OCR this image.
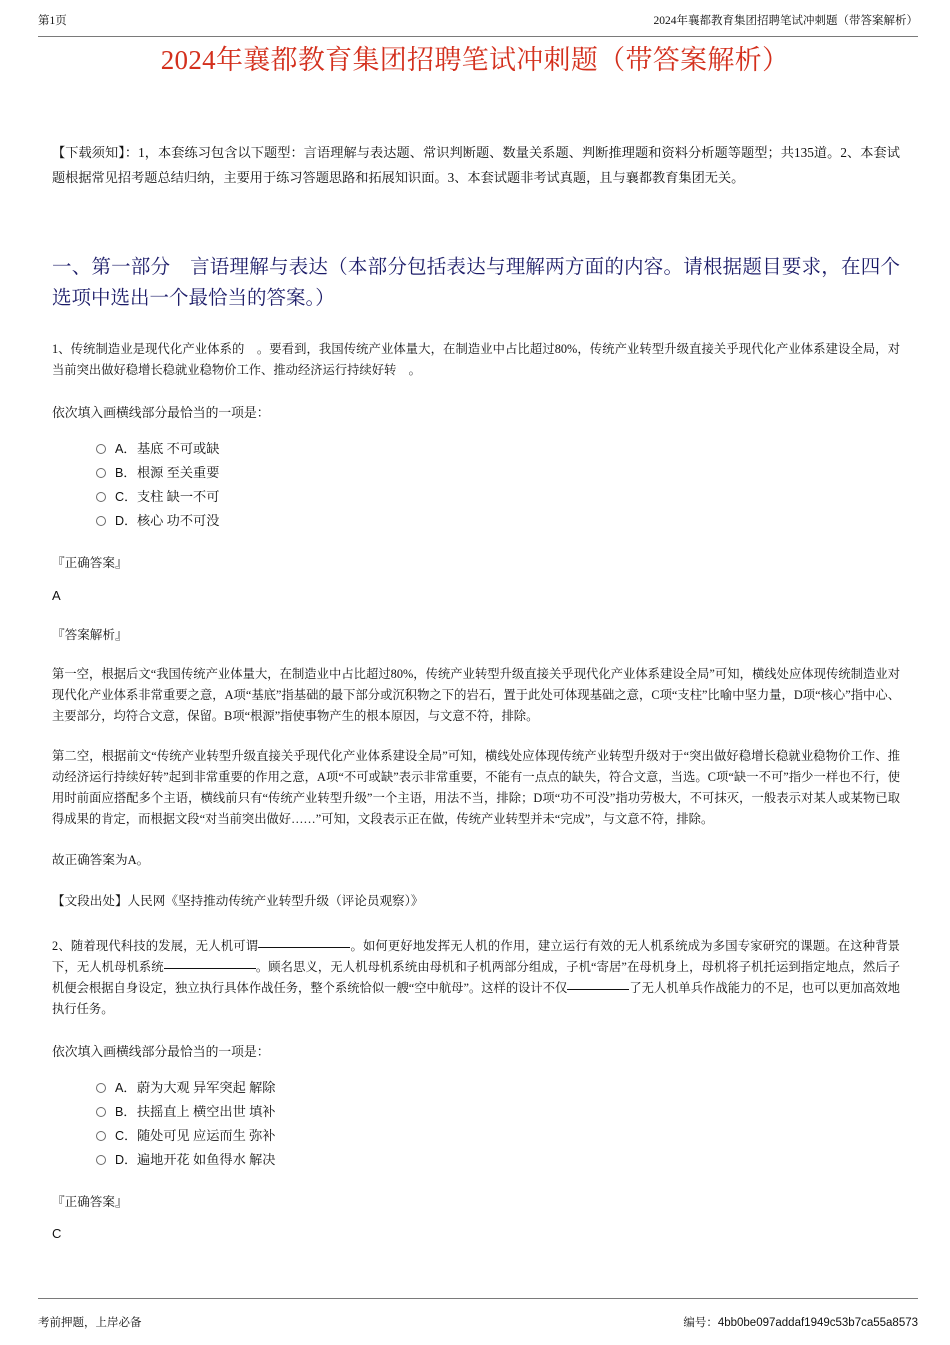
第1页	2024年襄都教育集团招聘笔试冲刺题（带答案解析）
2024年襄都教育集团招聘笔试冲刺题（带答案解析）

【下载须知】：1，本套练习包含以下题型：言语理解与表达题、常识判断题、数量关系题、判断推理题和资料分析题等题型；共135道。2、本套试题根据常见招考题总结归纳，主要用于练习答题思路和拓展知识面。3、本套试题非考试真题，且与襄都教育集团无关。

一、第一部分　言语理解与表达（本部分包括表达与理解两方面的内容。请根据题目要求，在四个选项中选出一个最恰当的答案。）

1、传统制造业是现代化产业体系的　。要看到，我国传统产业体量大，在制造业中占比超过80%，传统产业转型升级直接关乎现代化产业体系建设全局，对当前突出做好稳增长稳就业稳物价工作、推动经济运行持续好转　。

依次填入画横线部分最恰当的一项是：

A． 基底 不可或缺
B． 根源 至关重要
C． 支柱 缺一不可
D． 核心 功不可没

『正确答案』

A

『答案解析』

第一空，根据后文“我国传统产业体量大，在制造业中占比超过80%，传统产业转型升级直接关乎现代化产业体系建设全局”可知，横线处应体现传统制造业对现代化产业体系非常重要之意，A项“基底”指基础的最下部分或沉积物之下的岩石，置于此处可体现基础之意，C项“支柱”比喻中坚力量，D项“核心”指中心、主要部分，均符合文意，保留。B项“根源”指使事物产生的根本原因，与文意不符，排除。

第二空，根据前文“传统产业转型升级直接关乎现代化产业体系建设全局”可知，横线处应体现传统产业转型升级对于“突出做好稳增长稳就业稳物价工作、推动经济运行持续好转”起到非常重要的作用之意，A项“不可或缺”表示非常重要，不能有一点点的缺失，符合文意，当选。C项“缺一不可”指少一样也不行，使用时前面应搭配多个主语，横线前只有“传统产业转型升级”一个主语，用法不当，排除；D项“功不可没”指功劳极大，不可抹灭，一般表示对某人或某物已取得成果的肯定，而根据文段“对当前突出做好……”可知，文段表示正在做，传统产业转型并未“完成”，与文意不符，排除。

故正确答案为A。

【文段出处】人民网《坚持推动传统产业转型升级（评论员观察）》

2、随着现代科技的发展，无人机可谓	。如何更好地发挥无人机的作用，建立运行有效的无人机系统成为多国专家研究的课题。在这种背景下，无人机母机系统	。顾名思义，无人机母机系统由母机和子机两部分组成，子机“寄居”在母机身上，母机将子机托运到指定地点，然后子机便会根据自身设定，独立执行具体作战任务，整个系统恰似一艘“空中航母”。这样的设计不仅	了无人机单兵作战能力的不足，也可以更加高效地执行任务。

依次填入画横线部分最恰当的一项是：

A． 蔚为大观 异军突起 解除
B． 扶摇直上 横空出世 填补
C． 随处可见 应运而生 弥补
D． 遍地开花 如鱼得水 解决

『正确答案』

C

考前押题，上岸必备	编号：4bb0be097addaf1949c53b7ca55a8573
